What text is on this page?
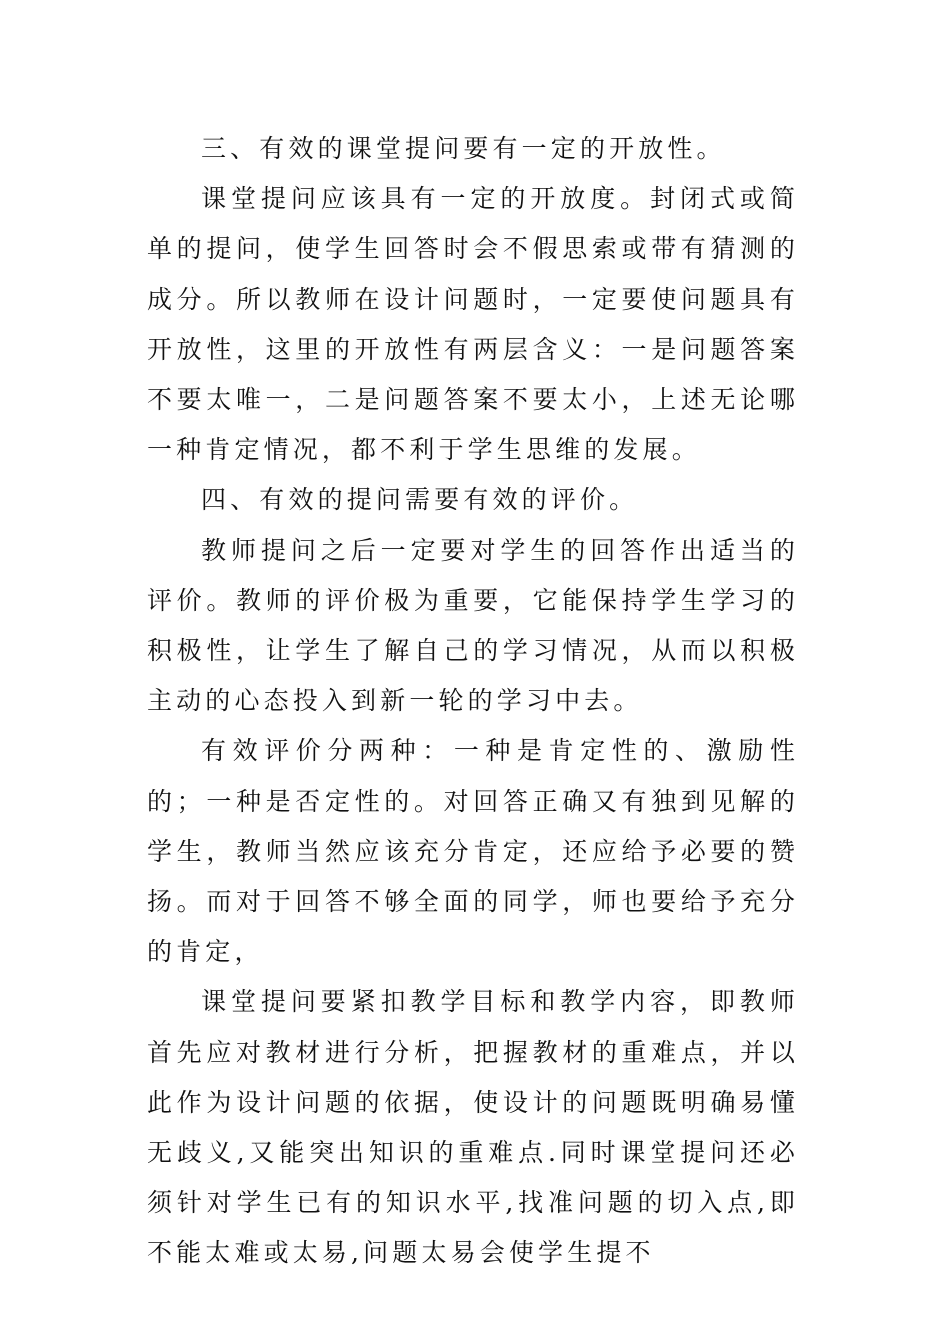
三、有效的课堂提问要有一定的开放性。

课堂提问应该具有一定的开放度。封闭式或简单的提问，使学生回答时会不假思索或带有猜测的成分。所以教师在设计问题时，一定要使问题具有开放性，这里的开放性有两层含义：一是问题答案不要太唯一，二是问题答案不要太小，上述无论哪一种肯定情况，都不利于学生思维的发展。

四、有效的提问需要有效的评价。

教师提问之后一定要对学生的回答作出适当的评价。教师的评价极为重要，它能保持学生学习的积极性，让学生了解自己的学习情况，从而以积极主动的心态投入到新一轮的学习中去。

有效评价分两种：一种是肯定性的、激励性的；一种是否定性的。对回答正确又有独到见解的学生，教师当然应该充分肯定，还应给予必要的赞扬。而对于回答不够全面的同学，师也要给予充分的肯定，

课堂提问要紧扣教学目标和教学内容，即教师首先应对教材进行分析，把握教材的重难点，并以此作为设计问题的依据，使设计的问题既明确易懂无歧义,又能突出知识的重难点.同时课堂提问还必须针对学生已有的知识水平,找准问题的切入点,即不能太难或太易,问题太易会使学生提不
